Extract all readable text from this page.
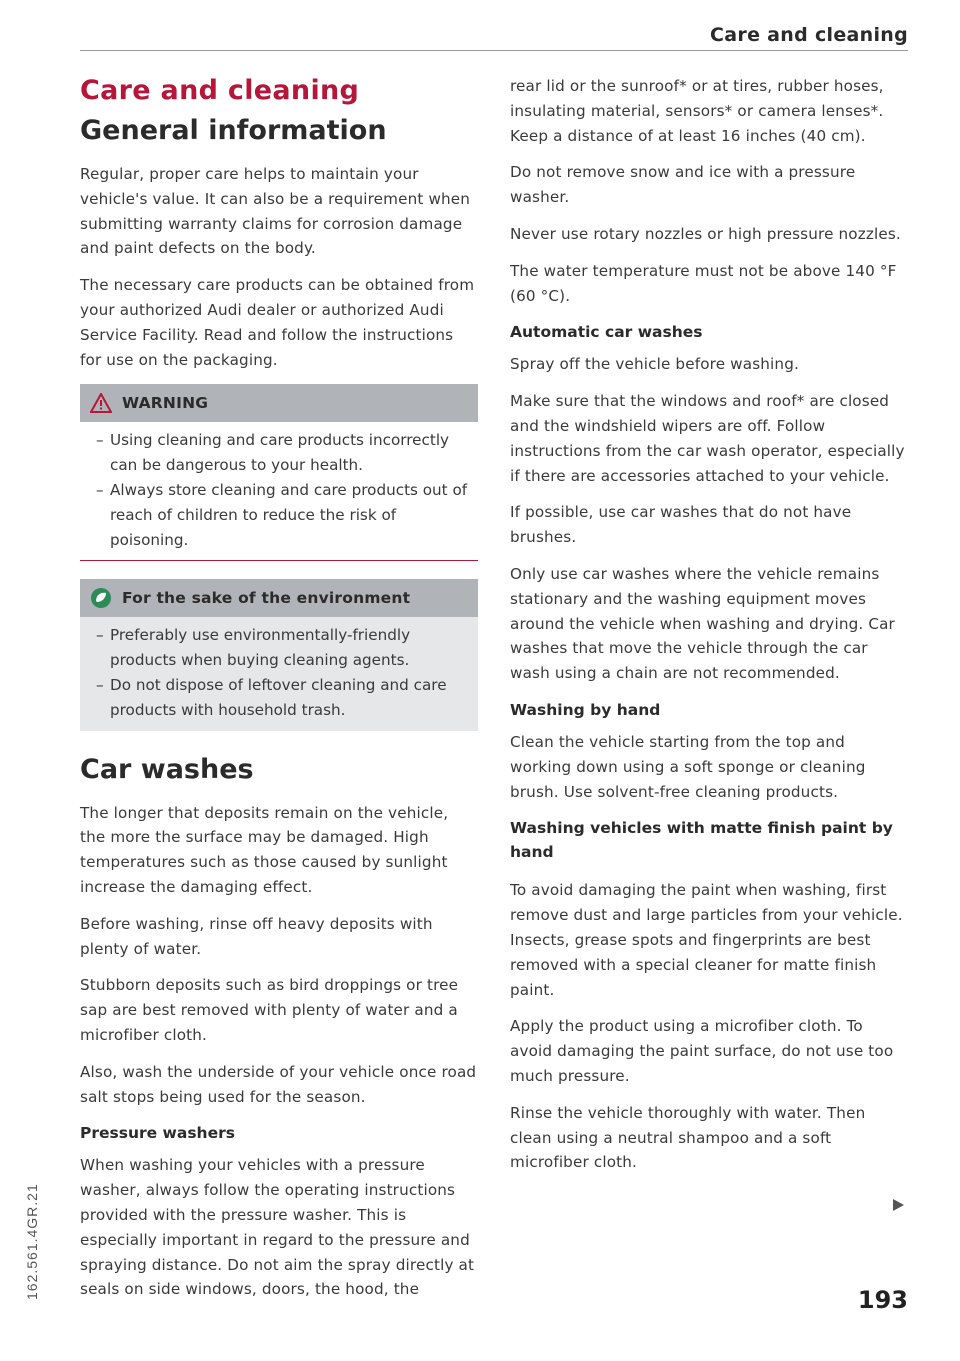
Care and cleaning
Care and cleaning
General information

Regular, proper care helps to maintain your vehicle's value. It can also be a requirement when submitting warranty claims for corrosion damage and paint defects on the body.

The necessary care products can be obtained from your authorized Audi dealer or authorized Audi Service Facility. Read and follow the instructions for use on the packaging.

WARNING
– Using cleaning and care products incorrectly can be dangerous to your health.
– Always store cleaning and care products out of reach of children to reduce the risk of poisoning.
For the sake of the environment
– Preferably use environmentally-friendly products when buying cleaning agents.
– Do not dispose of leftover cleaning and care products with household trash.
Car washes

The longer that deposits remain on the vehicle, the more the surface may be damaged. High temperatures such as those caused by sunlight increase the damaging effect.

Before washing, rinse off heavy deposits with plenty of water.

Stubborn deposits such as bird droppings or tree sap are best removed with plenty of water and a microfiber cloth.

Also, wash the underside of your vehicle once road salt stops being used for the season.

Pressure washers

When washing your vehicles with a pressure washer, always follow the operating instructions provided with the pressure washer. This is especially important in regard to the pressure and spraying distance. Do not aim the spray directly at seals on side windows, doors, the hood, the

rear lid or the sunroof* or at tires, rubber hoses, insulating material, sensors* or camera lenses*. Keep a distance of at least 16 inches (40 cm).

Do not remove snow and ice with a pressure washer.

Never use rotary nozzles or high pressure nozzles.

The water temperature must not be above 140 °F (60 °C).

Automatic car washes

Spray off the vehicle before washing.

Make sure that the windows and roof* are closed and the windshield wipers are off. Follow instructions from the car wash operator, especially if there are accessories attached to your vehicle.

If possible, use car washes that do not have brushes.

Only use car washes where the vehicle remains stationary and the washing equipment moves around the vehicle when washing and drying. Car washes that move the vehicle through the car wash using a chain are not recommended.

Washing by hand

Clean the vehicle starting from the top and working down using a soft sponge or cleaning brush. Use solvent-free cleaning products.

Washing vehicles with matte finish paint by hand

To avoid damaging the paint when washing, first remove dust and large particles from your vehicle. Insects, grease spots and fingerprints are best removed with a special cleaner for matte finish paint.

Apply the product using a microfiber cloth. To avoid damaging the paint surface, do not use too much pressure.

Rinse the vehicle thoroughly with water. Then clean using a neutral shampoo and a soft microfiber cloth.

193
162.561.4GR.21
